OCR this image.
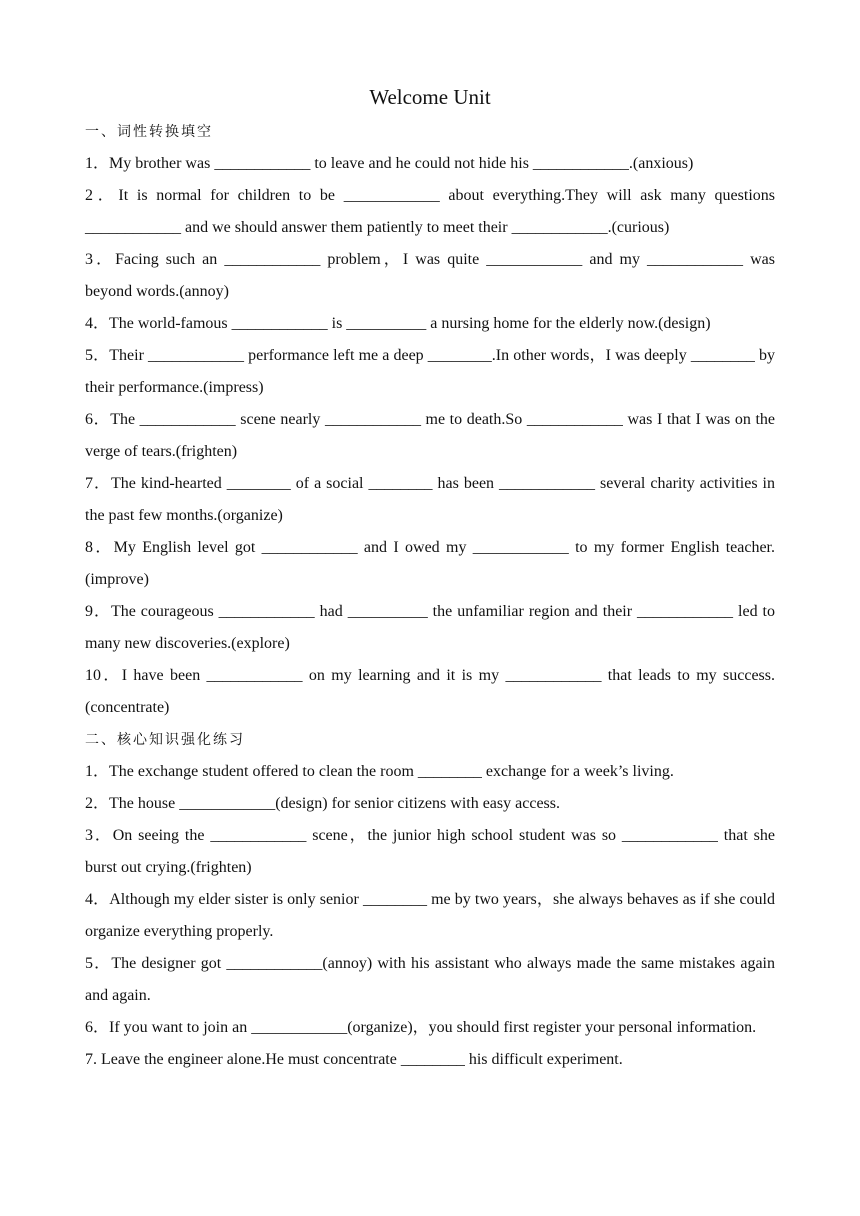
Welcome Unit
一、词性转换填空

1．My brother was ____________ to leave and he could not hide his ____________.(anxious)

2．It is normal for children to be ____________ about everything.They will ask many questions ____________ and we should answer them patiently to meet their ____________.(curious)

3．Facing such an ____________ problem，I was quite ____________ and my ____________ was beyond words.(annoy)

4．The world-famous ____________ is __________ a nursing home for the elderly now.(design)

5．Their ____________ performance left me a deep ________.In other words，I was deeply ________ by their performance.(impress)

6．The ____________ scene nearly ____________ me to death.So ____________ was I that I was on the verge of tears.(frighten)

7．The kind-hearted ________ of a social ________ has been ____________ several charity activities in the past few months.(organize)

8．My English level got ____________ and I owed my ____________ to my former English teacher.(improve)

9．The courageous ____________ had __________ the unfamiliar region and their ____________ led to many new discoveries.(explore)

10．I have been ____________ on my learning and it is my ____________ that leads to my success.(concentrate)

二、核心知识强化练习

1．The exchange student offered to clean the room ________ exchange for a week’s living.

2．The house ____________(design) for senior citizens with easy access.

3．On seeing the ____________ scene，the junior high school student was so ____________ that she burst out crying.(frighten)

4．Although my elder sister is only senior ________ me by two years，she always behaves as if she could organize everything properly.

5．The designer got ____________(annoy) with his assistant who always made the same mistakes again and again.

6．If you want to join an ____________(organize)，you should first register your personal information.

7. Leave the engineer alone.He must concentrate ________ his difficult experiment.
